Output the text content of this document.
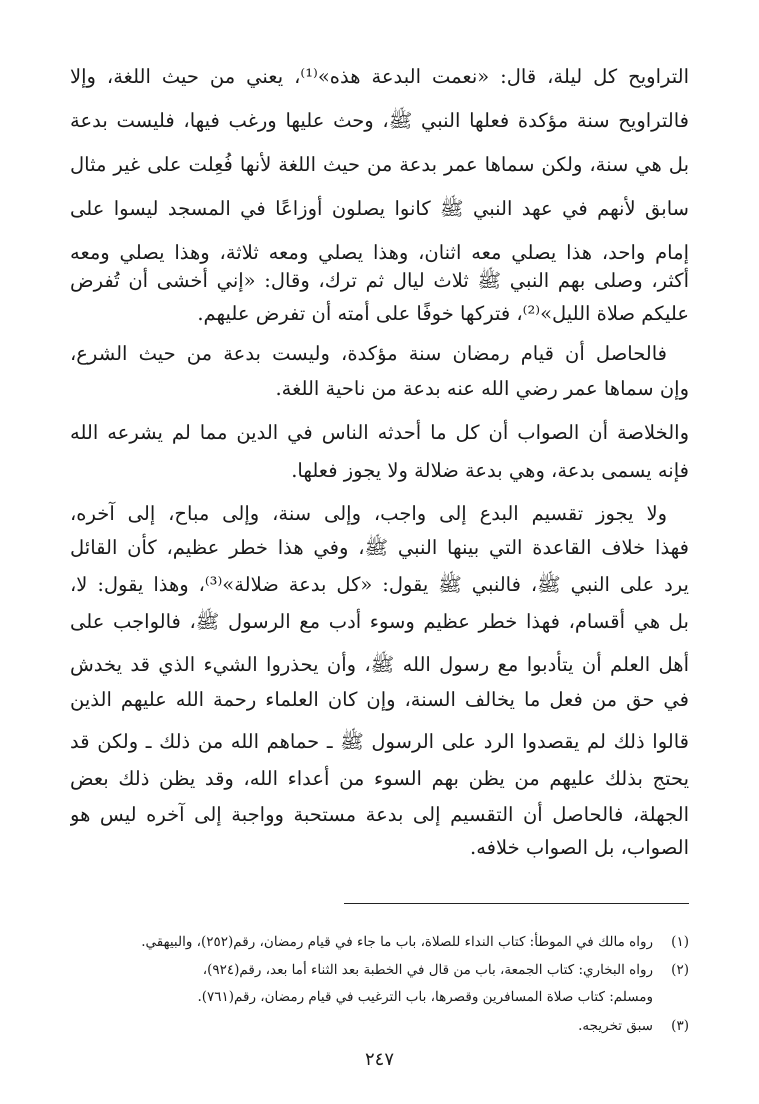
التراويح كل ليلة، قال: «نعمت البدعة هذه»⁽¹⁾، يعني من حيث اللغة، وإلا
فالتراويح سنة مؤكدة فعلها النبي ﷺ، وحث عليها ورغب فيها، فليست بدعة
بل هي سنة، ولكن سماها عمر بدعة من حيث اللغة لأنها فُعِلت على غير مثال
سابق لأنهم في عهد النبي ﷺ كانوا يصلون أوزاعًا في المسجد ليسوا على
إمام واحد، هذا يصلي معه اثنان، وهذا يصلي ومعه ثلاثة، وهذا يصلي ومعه
أكثر، وصلى بهم النبي ﷺ ثلاث ليال ثم ترك، وقال: «إني أخشى أن تُفرض
عليكم صلاة الليل»⁽²⁾، فتركها خوفًا على أمته أن تفرض عليهم.
فالحاصل أن قيام رمضان سنة مؤكدة، وليست بدعة من حيث الشرع،
وإن سماها عمر رضي الله عنه بدعة من ناحية اللغة.
والخلاصة أن الصواب أن كل ما أحدثه الناس في الدين مما لم يشرعه الله
فإنه يسمى بدعة، وهي بدعة ضلالة ولا يجوز فعلها.
ولا يجوز تقسيم البدع إلى واجب، وإلى سنة، وإلى مباح، إلى آخره،
فهذا خلاف القاعدة التي بينها النبي ﷺ، وفي هذا خطر عظيم، كأن القائل
يرد على النبي ﷺ، فالنبي ﷺ يقول: «كل بدعة ضلالة»⁽³⁾، وهذا يقول: لا،
بل هي أقسام، فهذا خطر عظيم وسوء أدب مع الرسول ﷺ، فالواجب على
أهل العلم أن يتأدبوا مع رسول الله ﷺ، وأن يحذروا الشيء الذي قد يخدش
في حق من فعل ما يخالف السنة، وإن كان العلماء رحمة الله عليهم الذين
قالوا ذلك لم يقصدوا الرد على الرسول ﷺ ـ حماهم الله من ذلك ـ ولكن قد
يحتج بذلك عليهم من يظن بهم السوء من أعداء الله، وقد يظن ذلك بعض
الجهلة، فالحاصل أن التقسيم إلى بدعة مستحبة وواجبة إلى آخره ليس هو
الصواب، بل الصواب خلافه.
(١)رواه مالك في الموطأ: كتاب النداء للصلاة، باب ما جاء في قيام رمضان، رقم(٢٥٢)، والبيهقي.
(٢)رواه البخاري: كتاب الجمعة، باب من قال في الخطبة بعد الثناء أما بعد، رقم(٩٢٤)،
ومسلم: كتاب صلاة المسافرين وقصرها، باب الترغيب في قيام رمضان، رقم(٧٦١).
(٣)سبق تخريجه.
٢٤٧
